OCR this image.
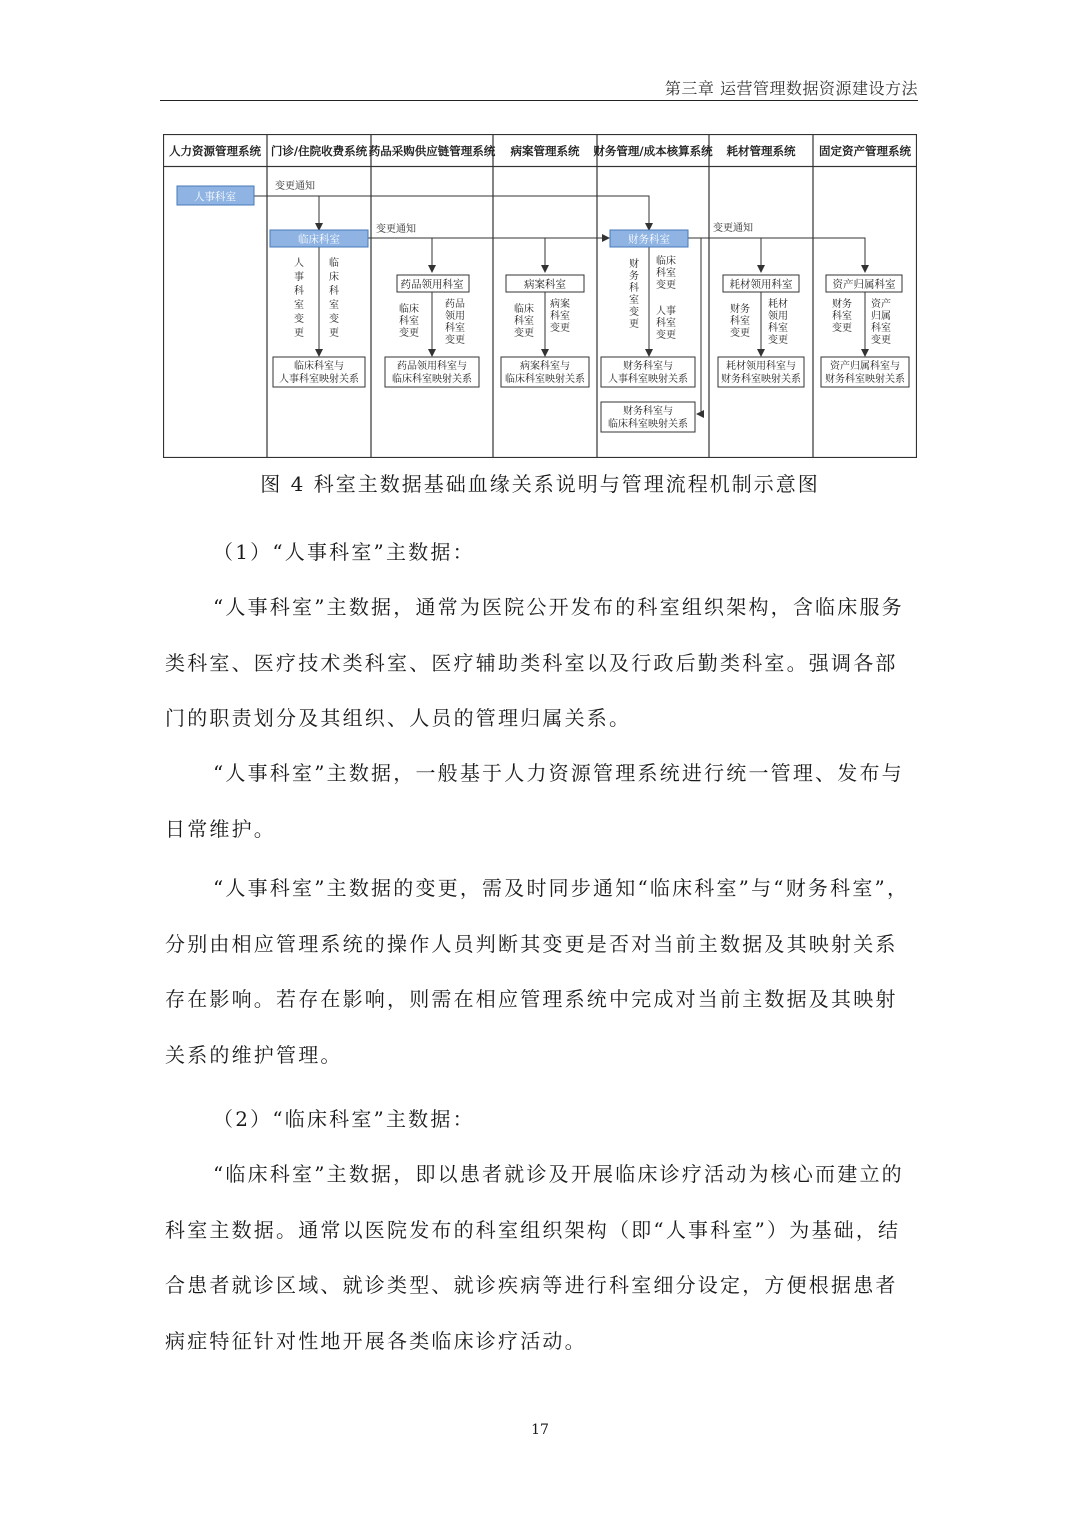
第三章 运营管理数据资源建设方法
人力资源管理系统 门诊/住院收费系统 药品采购供应链管理系统 病案管理系统 财务管理/成本核算系统 耗材管理系统 固定资产管理系统
变更通知
变更通知	变更通知
人事科室
临床科室	财务科室
药品领用科室	病案科室	耗材领用科室	资产归属科室
人事科室变更
临床科室变更
临床科室变更
药品领用科室变更
临床科室变更
病案科室变更
财务科室变更
临床科室变更
人事科室变更
财务科室变更
耗材领用科室变更
财务科室变更
资产归属科室变更
临床科室与
人事科室映射关系
药品领用科室与
临床科室映射关系
病案科室与
临床科室映射关系
财务科室与
人事科室映射关系
耗材领用科室与
财务科室映射关系
资产归属科室与
财务科室映射关系
财务科室与
临床科室映射关系
图 4 科室主数据基础血缘关系说明与管理流程机制示意图
（1）“人事科室”主数据：

“人事科室”主数据，通常为医院公开发布的科室组织架构，含临床服务类科室、医疗技术类科室、医疗辅助类科室以及行政后勤类科室。强调各部门的职责划分及其组织、人员的管理归属关系。

“人事科室”主数据，一般基于人力资源管理系统进行统一管理、发布与日常维护。

“人事科室”主数据的变更，需及时同步通知“临床科室”与“财务科室”，分别由相应管理系统的操作人员判断其变更是否对当前主数据及其映射关系存在影响。若存在影响，则需在相应管理系统中完成对当前主数据及其映射关系的维护管理。

（2）“临床科室”主数据：

“临床科室”主数据，即以患者就诊及开展临床诊疗活动为核心而建立的科室主数据。通常以医院发布的科室组织架构（即“人事科室”）为基础，结合患者就诊区域、就诊类型、就诊疾病等进行科室细分设定，方便根据患者病症特征针对性地开展各类临床诊疗活动。

17
